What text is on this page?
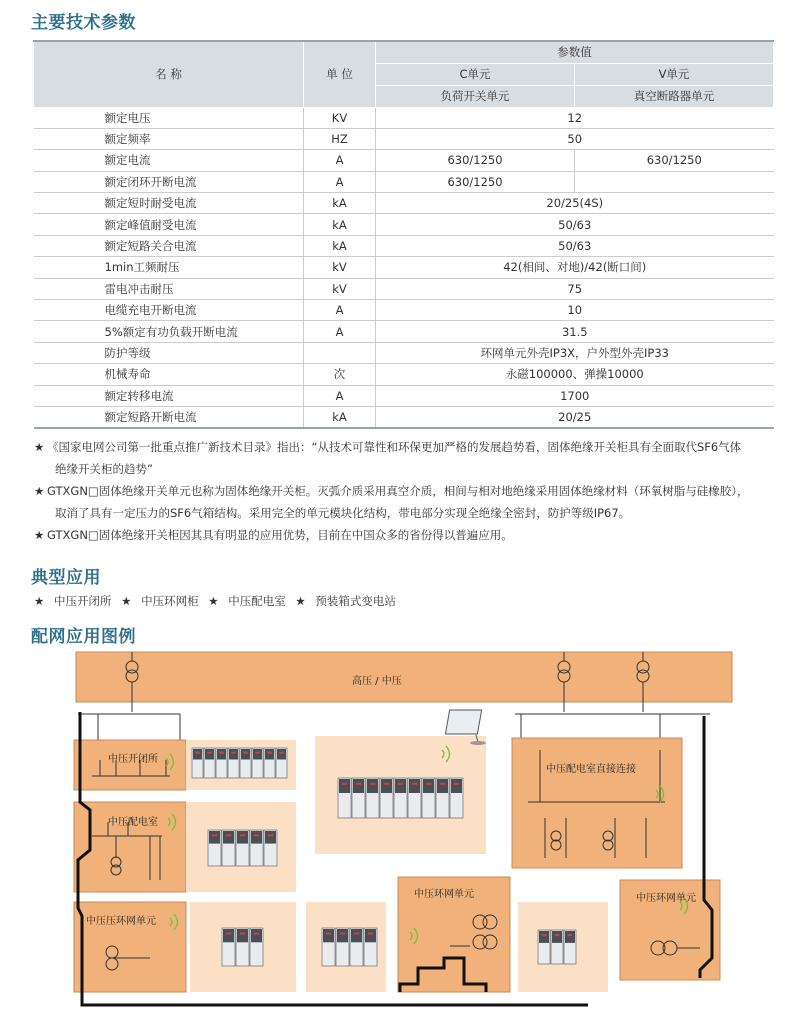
主要技术参数
名 称	单 位	参数值	
		C单元	V单元
		负荷开关单元	真空断路器单元
额定电压	KV	12	
额定频率	HZ	50	
额定电流	A	630/1250	630/1250
额定闭环开断电流	A	630/1250	
额定短时耐受电流	kA	20/25(4S)	
额定峰值耐受电流	kA	50/63	
额定短路关合电流	kA	50/63	
1min工频耐压	kV	42(相间、对地)/42(断口间)	
雷电冲击耐压	kV	75	
电缆充电开断电流	A	10	
5%额定有功负载开断电流	A	31.5	
防护等级		环网单元外壳IP3X，户外型外壳IP33	
机械寿命	次	永磁100000、弹操10000	
额定转移电流	A	1700	
额定短路开断电流	kA	20/25	
★ 《国家电网公司第一批重点推广新技术目录》指出：“从技术可靠性和环保更加严格的发展趋势看，固体绝缘开关柜具有全面取代SF6气体
绝缘开关柜的趋势”
★ GTXGN□固体绝缘开关单元也称为固体绝缘开关柜。灭弧介质采用真空介质，相间与相对地绝缘采用固体绝缘材料（环氧树脂与硅橡胶），
取消了具有一定压力的SF6气箱结构。采用完全的单元模块化结构，带电部分实现全绝缘全密封，防护等级IP67。
★ GTXGN□固体绝缘开关柜因其具有明显的应用优势，目前在中国众多的省份得以普遍应用。
典型应用
★ 中压开闭所 ★ 中压环网柜 ★ 中压配电室 ★ 预装箱式变电站
配网应用图例
高压 / 中压
中压开闭所
中压配电室
中压压环网单元
中压配电室直接连接
中压环网单元	中压环网单元
